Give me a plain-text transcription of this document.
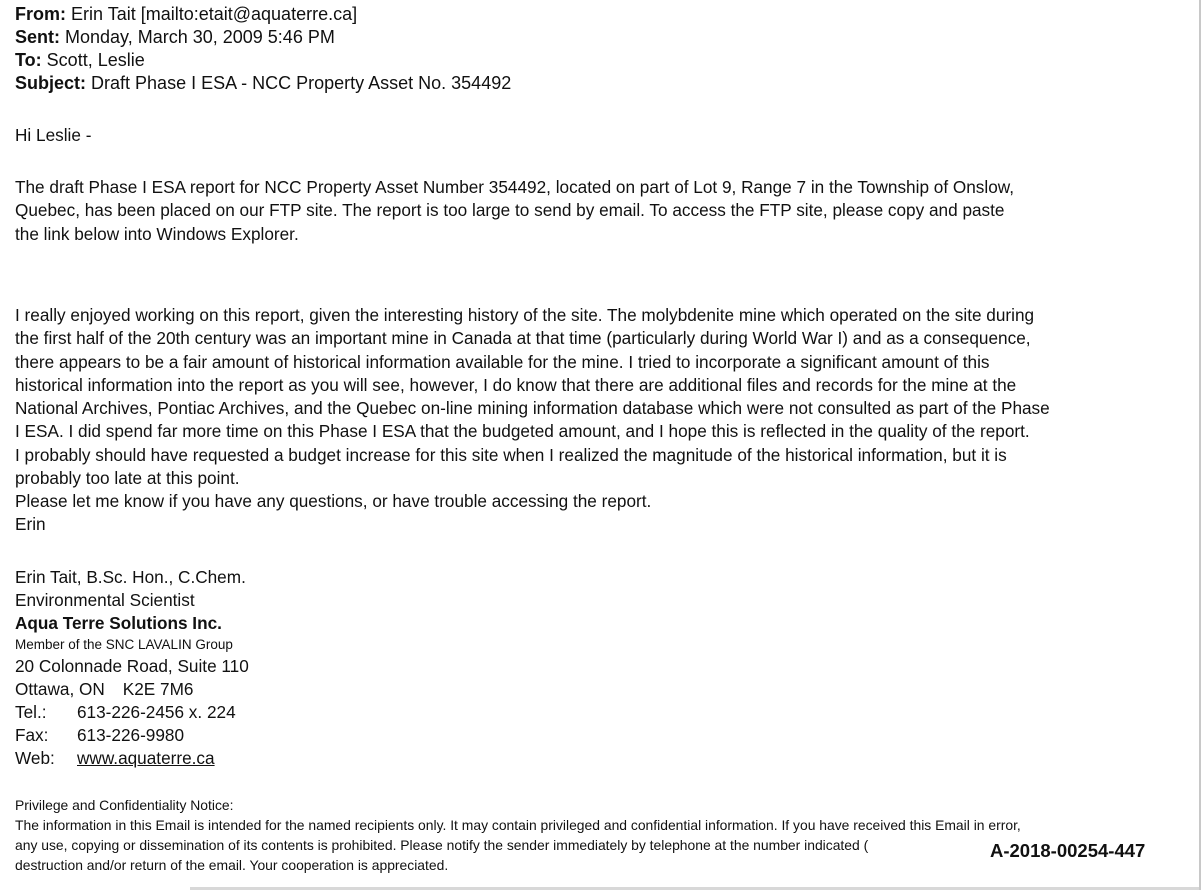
From: Erin Tait [mailto:etait@aquaterre.ca]
Sent: Monday, March 30, 2009 5:46 PM
To: Scott, Leslie
Subject: Draft Phase I ESA - NCC Property Asset No. 354492
Hi Leslie -
The draft Phase I ESA report for NCC Property Asset Number 354492, located on part of Lot 9, Range 7 in the Township of Onslow,
Quebec, has been placed on our FTP site. The report is too large to send by email. To access the FTP site, please copy and paste
the link below into Windows Explorer.
I really enjoyed working on this report, given the interesting history of the site. The molybdenite mine which operated on the site during
the first half of the 20th century was an important mine in Canada at that time (particularly during World War I) and as a consequence,
there appears to be a fair amount of historical information available for the mine. I tried to incorporate a significant amount of this
historical information into the report as you will see, however, I do know that there are additional files and records for the mine at the
National Archives, Pontiac Archives, and the Quebec on-line mining information database which were not consulted as part of the Phase
I ESA. I did spend far more time on this Phase I ESA that the budgeted amount, and I hope this is reflected in the quality of the report.
I probably should have requested a budget increase for this site when I realized the magnitude of the historical information, but it is
probably too late at this point.
Please let me know if you have any questions, or have trouble accessing the report.
Erin
Erin Tait, B.Sc. Hon., C.Chem.
Environmental Scientist
Aqua Terre Solutions Inc.
Member of the SNC LAVALIN Group
20 Colonnade Road, Suite 110
Ottawa, ON K2E 7M6
Tel.: 613-226-2456 x. 224
Fax: 613-226-9980
Web: www.aquaterre.ca
Privilege and Confidentiality Notice:
The information in this Email is intended for the named recipients only. It may contain privileged and confidential information. If you have received this Email in error,
any use, copying or dissemination of its contents is prohibited. Please notify the sender immediately by telephone at the number indicated (
destruction and/or return of the email. Your cooperation is appreciated.
A-2018-00254-447
